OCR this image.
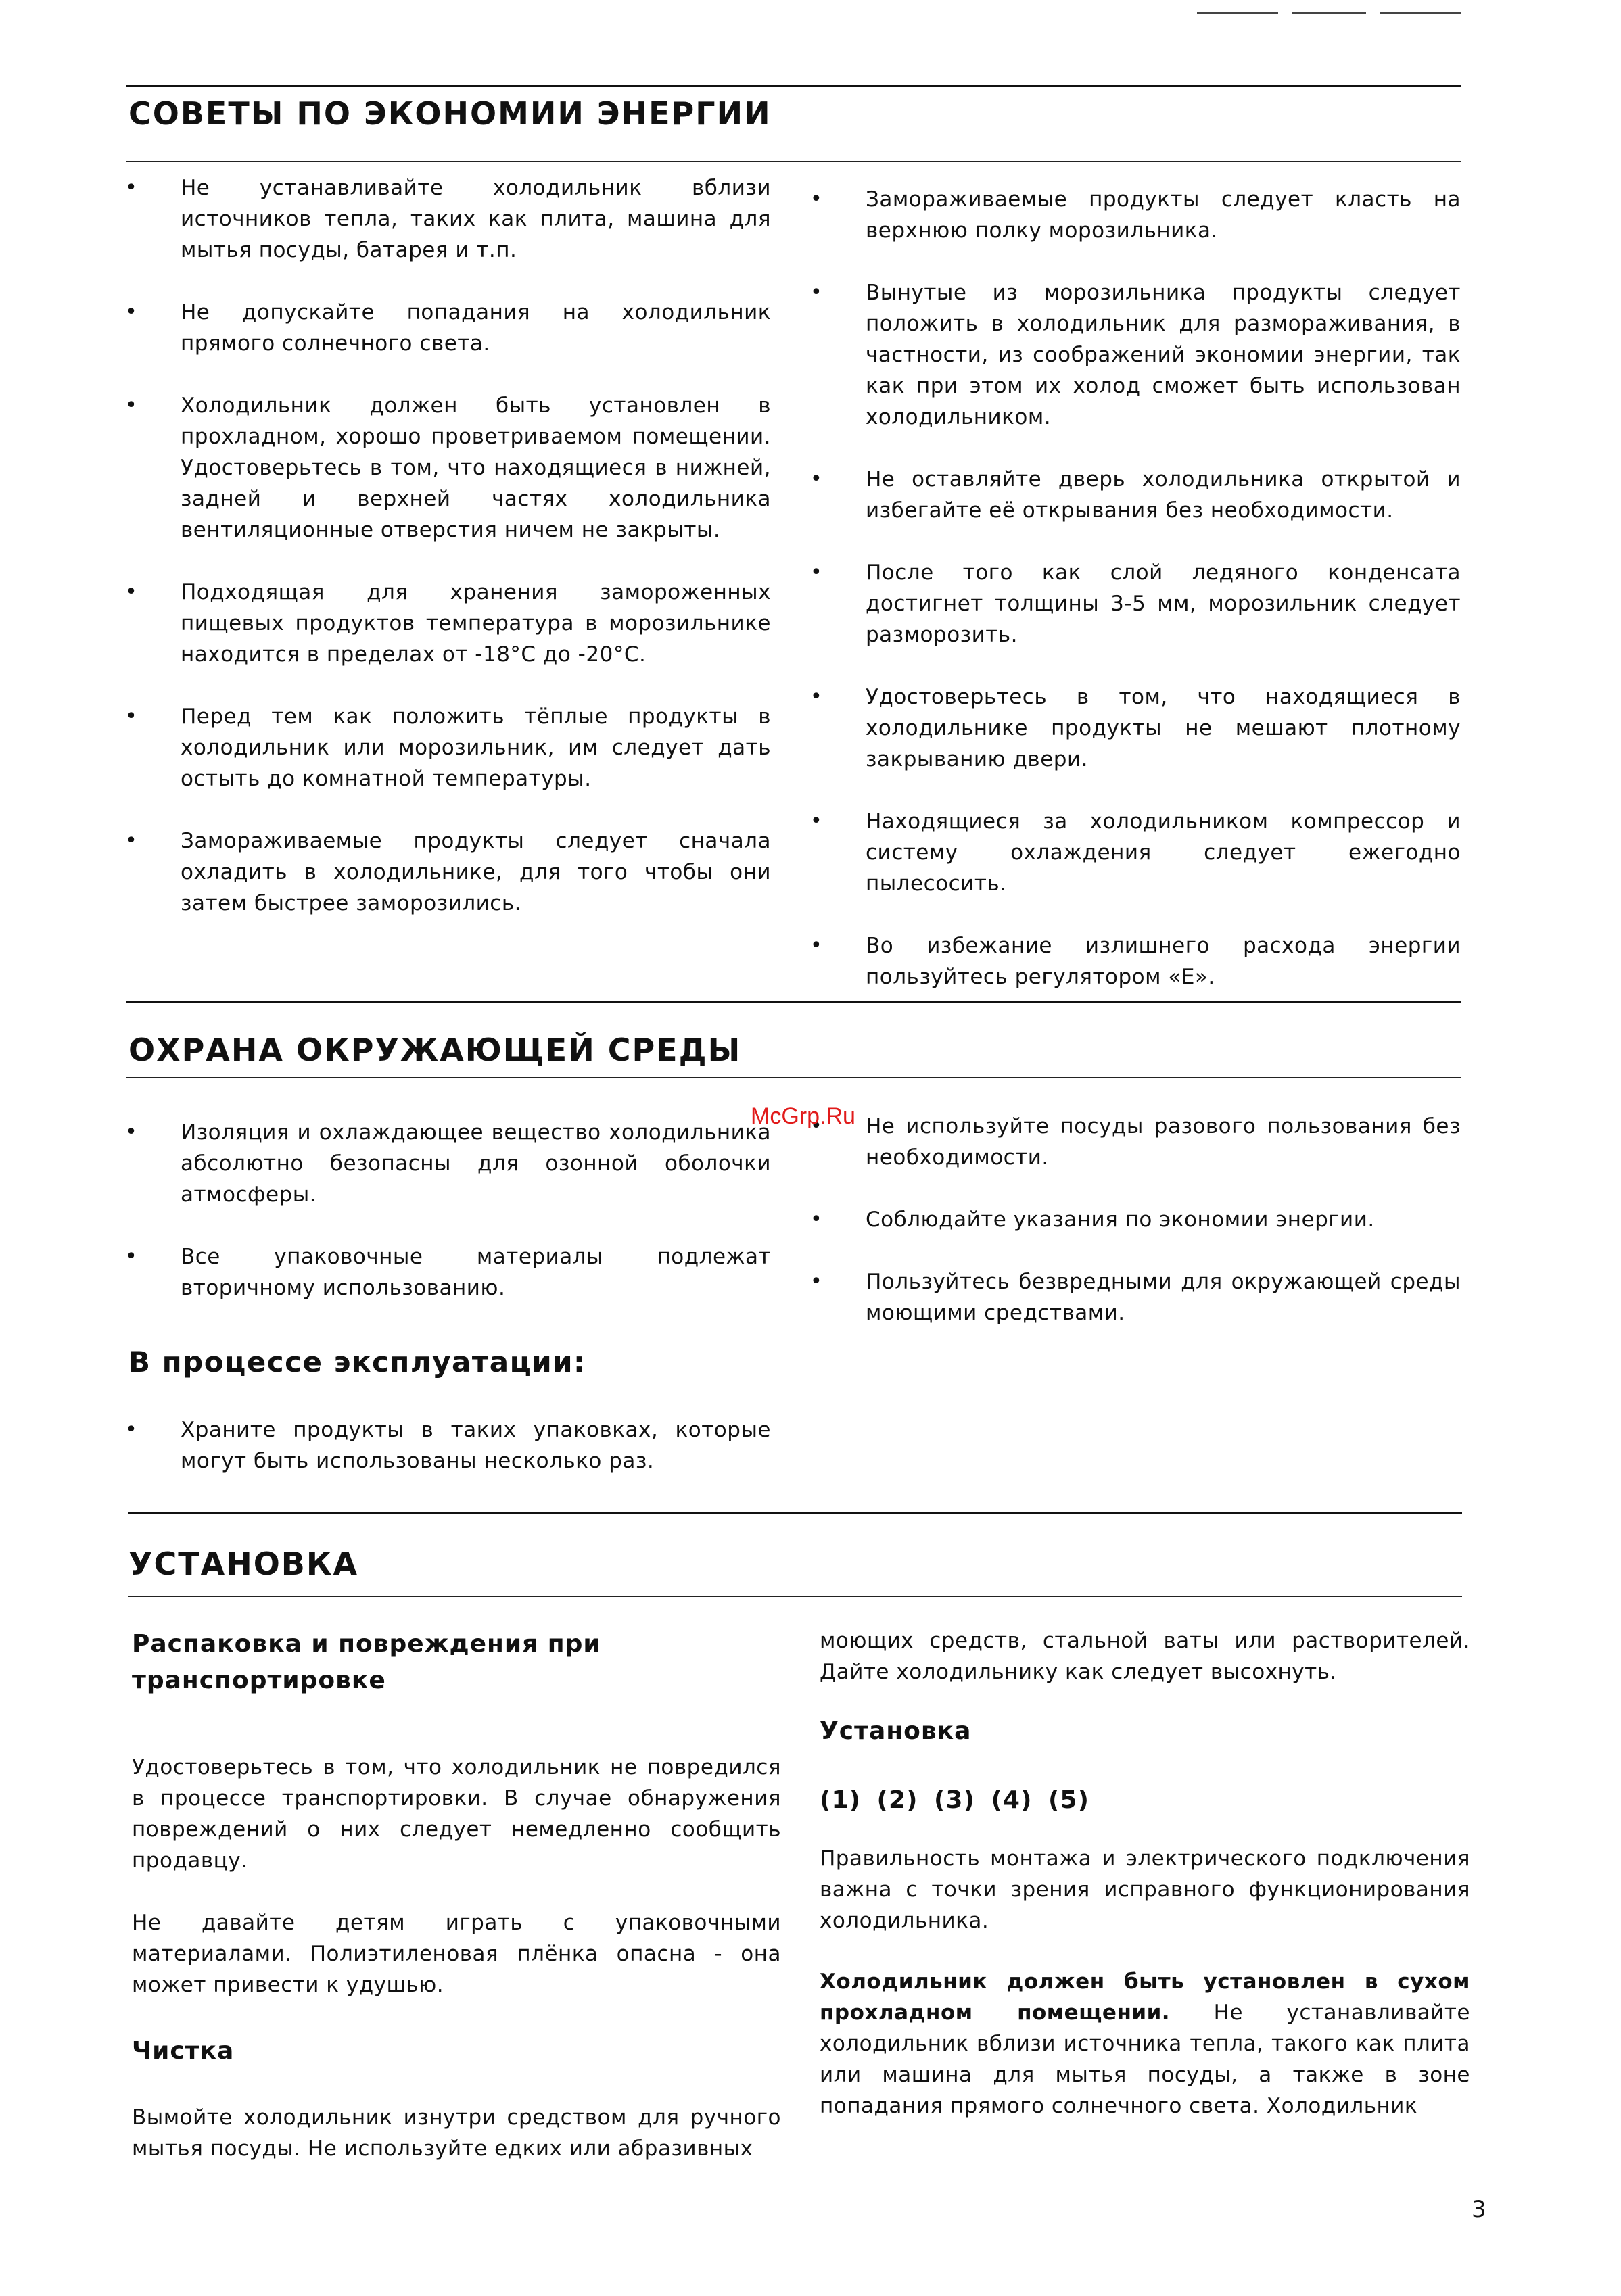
СОВЕТЫ ПО ЭКОНОМИИ ЭНЕРГИИ
• Не устанавливайте холодильник вблизи источников тепла, таких как плита, машина для мытья посуды, батарея и т.п.
• Не допускайте попадания на холодильник прямого солнечного света.
• Холодильник должен быть установлен в прохладном, хорошо проветриваемом помещении. Удостоверьтесь в том, что находящиеся в нижней, задней и верхней частях холодильника вентиляционные отверстия ничем не закрыты.
• Подходящая для хранения замороженных пищевых продуктов температура в морозильнике находится в пределах от -18°С до -20°С.
• Перед тем как положить тёплые продукты в холодильник или морозильник, им следует дать остыть до комнатной температуры.
• Замораживаемые продукты следует сначала охладить в холодильнике, для того чтобы они затем быстрее заморозились.
• Замораживаемые продукты следует класть на верхнюю полку морозильника.
• Вынутые из морозильника продукты следует положить в холодильник для размораживания, в частности, из соображений экономии энергии, так как при этом их холод сможет быть использован холодильником.
• Не оставляйте дверь холодильника открытой и избегайте её открывания без необходимости.
• После того как слой ледяного конденсата достигнет толщины 3-5 мм, морозильник следует разморозить.
• Удостоверьтесь в том, что находящиеся в холодильнике продукты не мешают плотному закрыванию двери.
• Находящиеся за холодильником компрессор и систему охлаждения следует ежегодно пылесосить.
• Во избежание излишнего расхода энергии пользуйтесь регулятором «Е».
ОХРАНА ОКРУЖАЮЩЕЙ СРЕДЫ
• Изоляция и охлаждающее вещество холодильника абсолютно безопасны для озонной оболочки атмосферы.
• Все упаковочные материалы подлежат вторичному использованию.
В процессе эксплуатации:
• Храните продукты в таких упаковках, которые могут быть использованы несколько раз.
• Не используйте посуды разового пользования без необходимости.
• Соблюдайте указания по экономии энергии.
• Пользуйтесь безвредными для окружающей среды моющими средствами.
McGrp.Ru
УСТАНОВКА
Распаковка и повреждения при транспортировке

Удостоверьтесь в том, что холодильник не повредился в процессе транспортировки. В случае обнаружения повреждений о них следует немедленно сообщить продавцу.

Не давайте детям играть с упаковочными материалами. Полиэтиленовая плёнка опасна - она может привести к удушью.

Чистка

Вымойте холодильник изнутри средством для ручного мытья посуды. Не используйте едких или абразивных

моющих средств, стальной ваты или растворителей. Дайте холодильнику как следует высохнуть.

Установка
(1) (2) (3) (4) (5)

Правильность монтажа и электрического подключения важна с точки зрения исправного функционирования холодильника.

Холодильник должен быть установлен в сухом прохладном помещении. Не устанавливайте холодильник вблизи источника тепла, такого как плита или машина для мытья посуды, а также в зоне попадания прямого солнечного света. Холодильник

3
